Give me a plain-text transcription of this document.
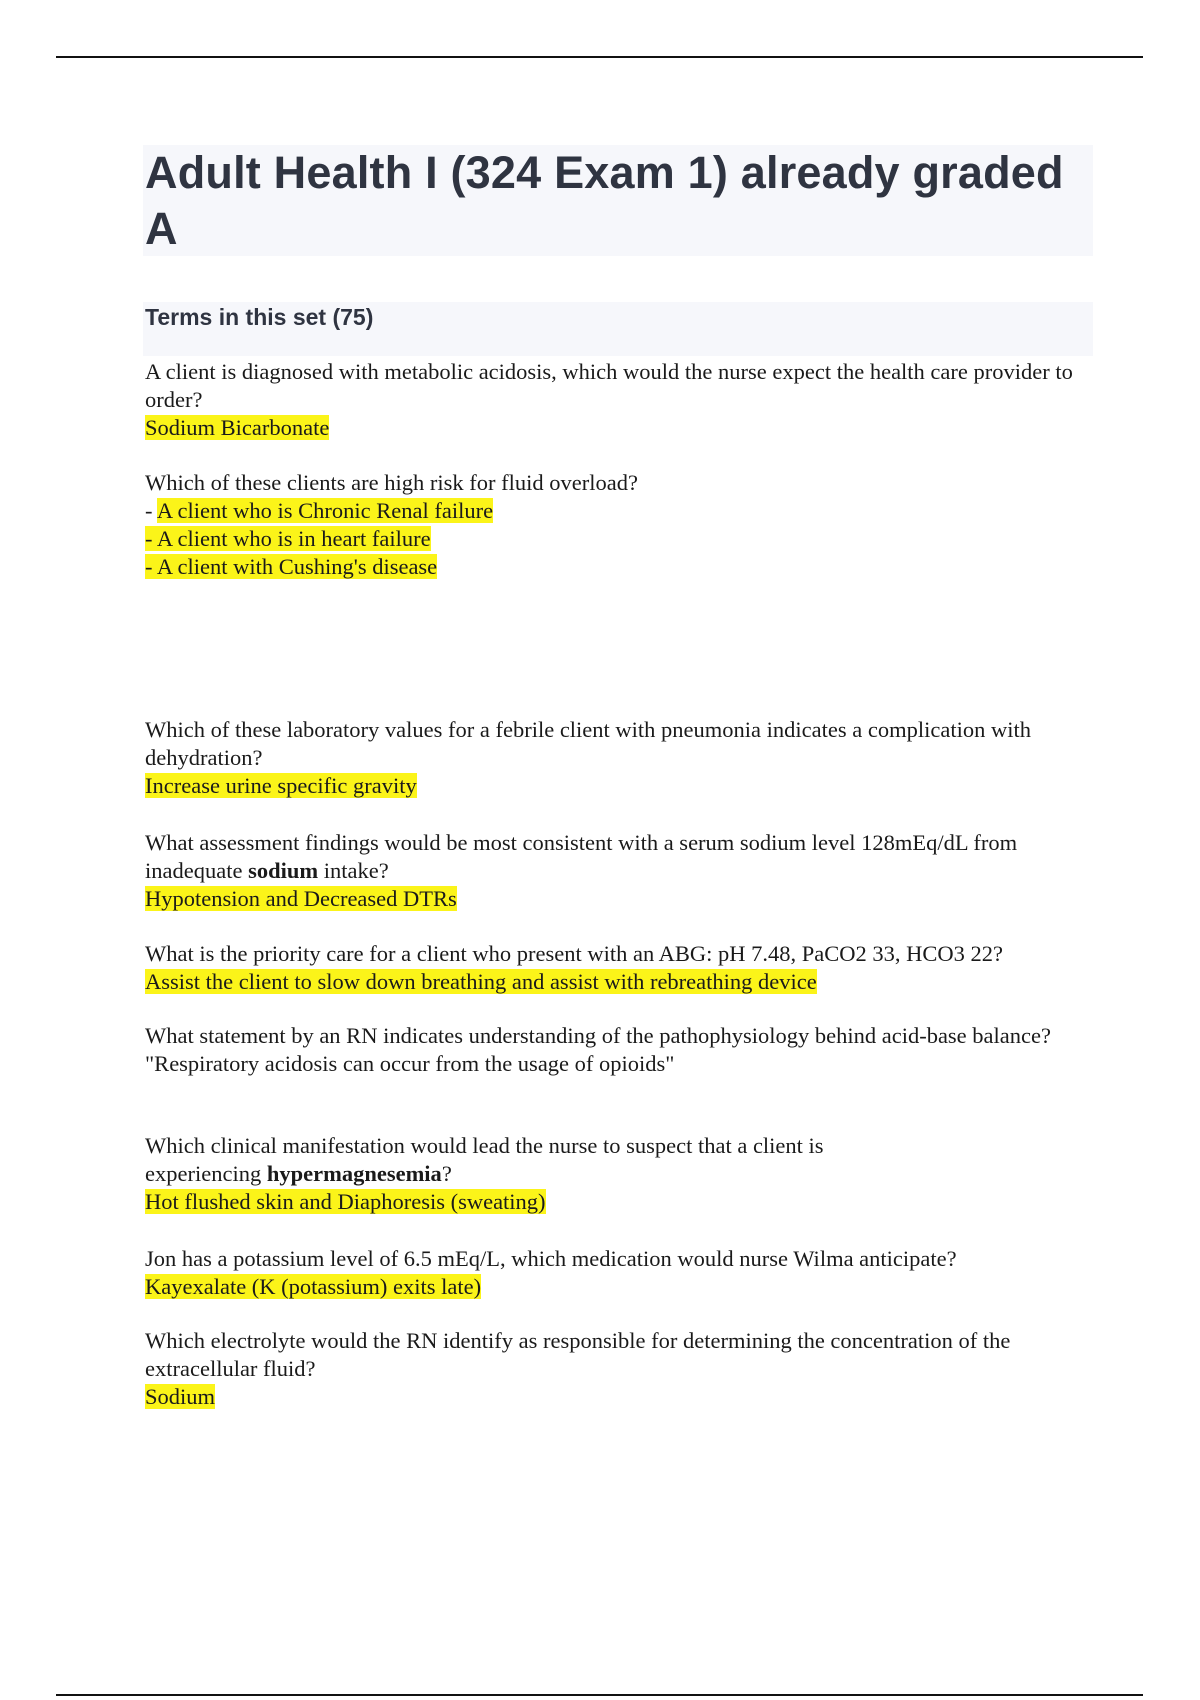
Adult Health I (324 Exam 1) already graded A
Terms in this set (75)

A client is diagnosed with metabolic acidosis, which would the nurse expect the health care provider to order?

Sodium Bicarbonate

Which of these clients are high risk for fluid overload?

- A client who is Chronic Renal failure

- A client who is in heart failure

- A client with Cushing's disease

Which of these laboratory values for a febrile client with pneumonia indicates a complication with dehydration?

Increase urine specific gravity

What assessment findings would be most consistent with a serum sodium level 128mEq/dL from inadequate sodium intake?

Hypotension and Decreased DTRs

What is the priority care for a client who present with an ABG: pH 7.48, PaCO2 33, HCO3 22?

Assist the client to slow down breathing and assist with rebreathing device

What statement by an RN indicates understanding of the pathophysiology behind acid-base balance?

"Respiratory acidosis can occur from the usage of opioids"

Which clinical manifestation would lead the nurse to suspect that a client is experiencing hypermagnesemia?

Hot flushed skin and Diaphoresis (sweating)

Jon has a potassium level of 6.5 mEq/L, which medication would nurse Wilma anticipate?

Kayexalate (K (potassium) exits late)

Which electrolyte would the RN identify as responsible for determining the concentration of the extracellular fluid?

Sodium
